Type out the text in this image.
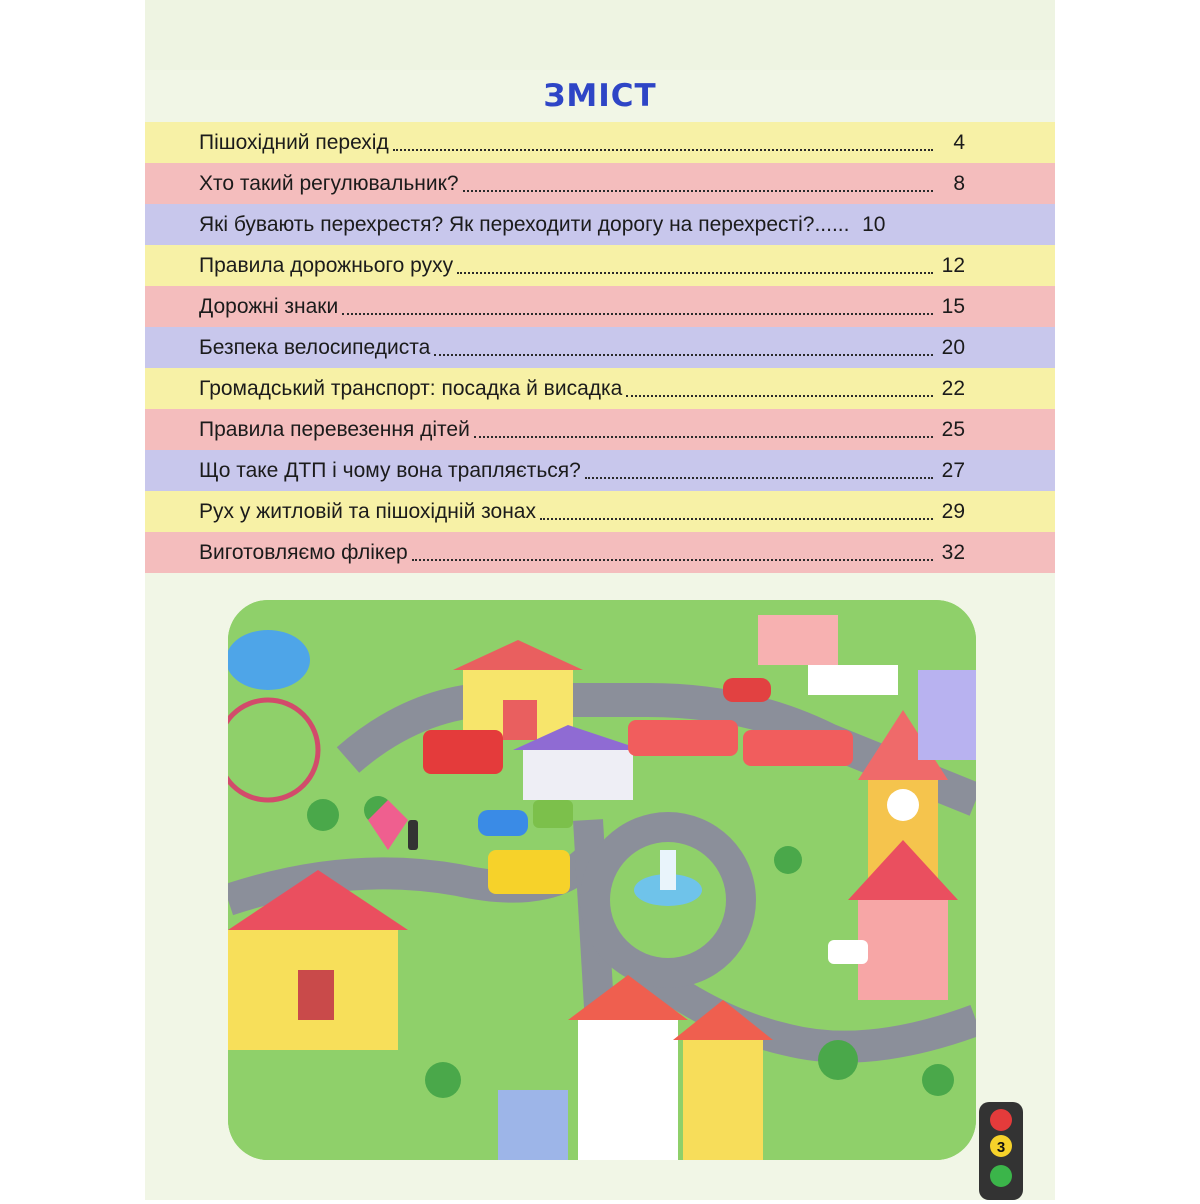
ЗМІСТ
Пішохідний перехід	4
Хто такий регулювальник?	8
Які бувають перехрестя? Як переходити дорогу на перехресті?...... 10
Правила дорожнього руху	12
Дорожні знаки	15
Безпека велосипедиста	20
Громадський транспорт: посадка й висадка	22
Правила перевезення дітей	25
Що таке ДТП і чому вона трапляється?	27
Рух у житловій та пішохідній зонах	29
Виготовляємо флікер	32
3
